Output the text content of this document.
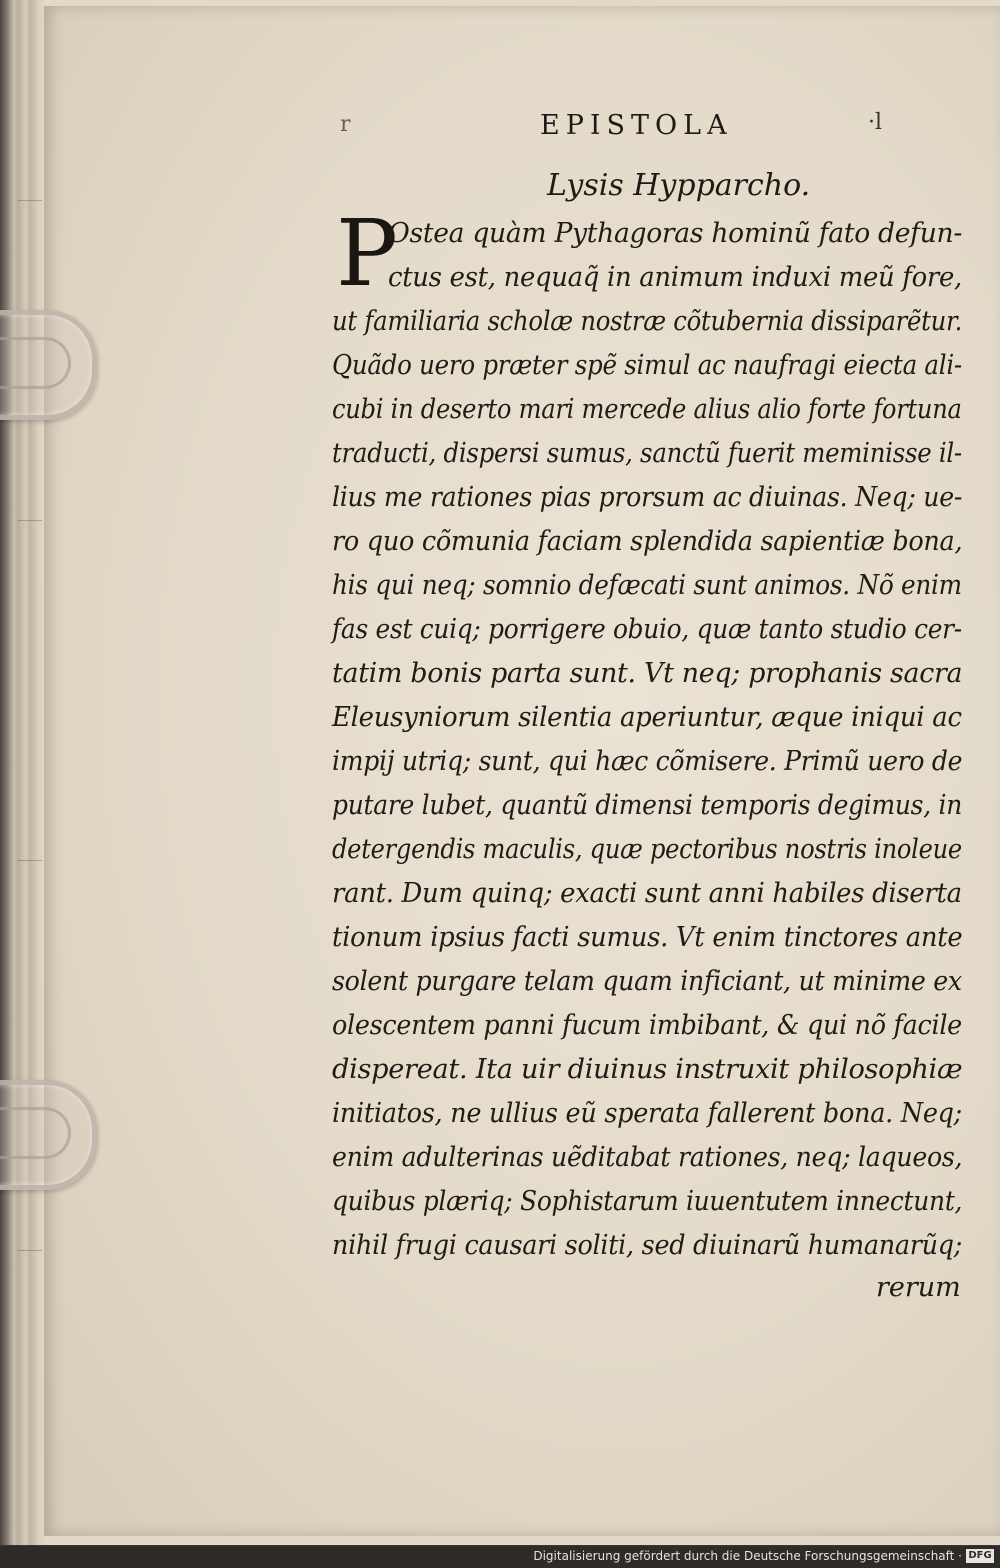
r	EPISTOLA	·l
Lysis Hypparcho.
P
Ostea quàm Pythagoras hominũ fato defun-
ctus est, nequaq̃ in animum induxi meũ fore,
ut familiaria scholæ nostræ cõtubernia dissiparẽtur.
Quãdo uero præter spẽ simul ac naufragi eiecta ali-
cubi in deserto mari mercede alius alio forte fortuna
traducti, dispersi sumus, sanctũ fuerit meminisse il-
lius me rationes pias prorsum ac diuinas. Neq; ue-
ro quo cõmunia faciam splendida sapientiæ bona,
his qui neq; somnio defæcati sunt animos. Nõ enim
fas est cuiq; porrigere obuio, quæ tanto studio cer-
tatim bonis parta sunt. Vt neq; prophanis sacra
Eleusyniorum silentia aperiuntur, æque iniqui ac
impij utriq; sunt, qui hæc cõmisere. Primũ uero de
putare lubet, quantũ dimensi temporis degimus, in
detergendis maculis, quæ pectoribus nostris inoleue
rant. Dum quinq; exacti sunt anni habiles diserta
tionum ipsius facti sumus. Vt enim tinctores ante
solent purgare telam quam inficiant, ut minime ex
olescentem panni fucum imbibant, & qui nõ facile
dispereat. Ita uir diuinus instruxit philosophiæ
initiatos, ne ullius eũ sperata fallerent bona. Neq;
enim adulterinas uẽditabat rationes, neq; laqueos,
quibus plæriq; Sophistarum iuuentutem innectunt,
nihil frugi causari soliti, sed diuinarũ humanarũq;
rerum
Digitalisierung gefördert durch die Deutsche Forschungsgemeinschaft · DFG
